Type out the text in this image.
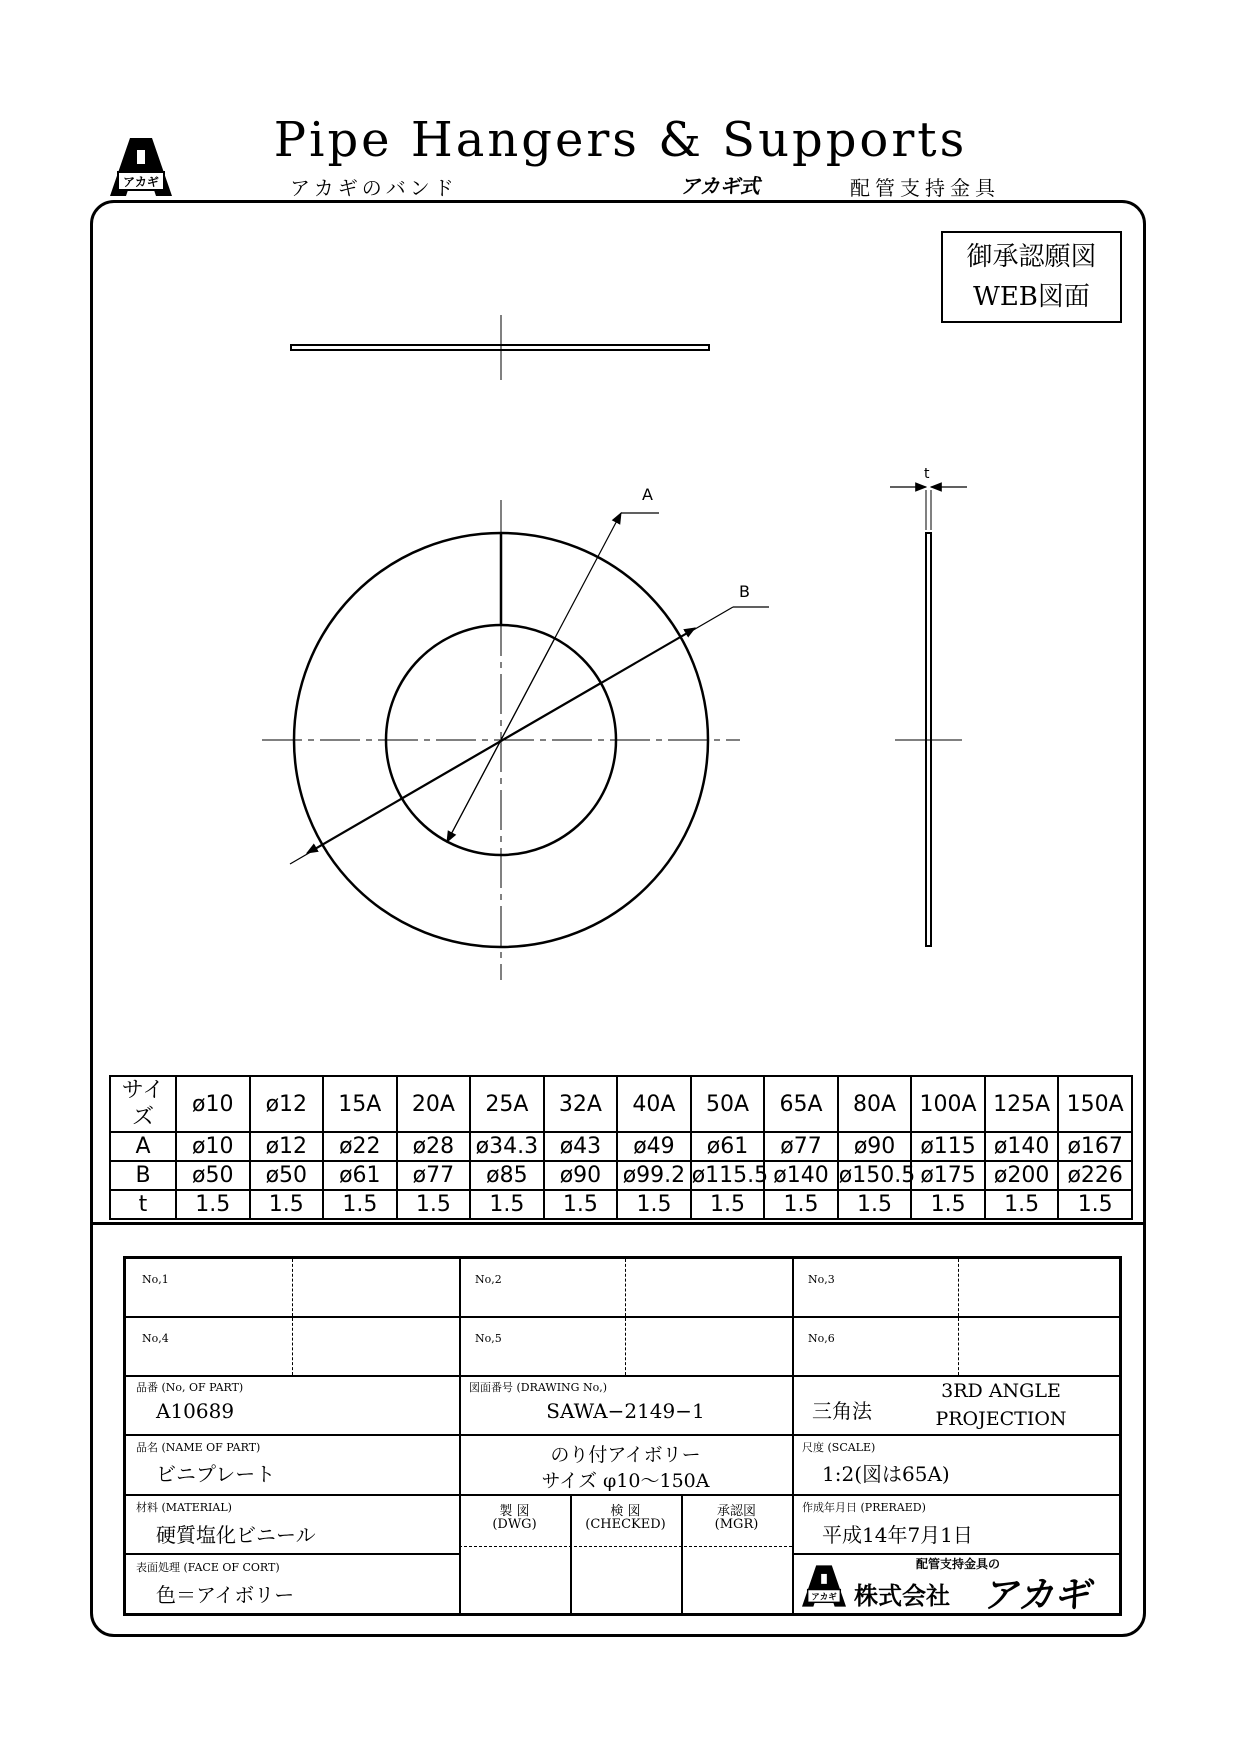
アカギ
Pipe Hangers & Supports
アカギのバンド	アカギ式	配管支持金具
御承認願図
WEB図面
A
B
t
サイズ	ø10	ø12	15A	20A	25A	32A	40A	50A	65A	80A	100A	125A	150A
A	ø10	ø12	ø22	ø28	ø34.3	ø43	ø49	ø61	ø77	ø90	ø115	ø140	ø167
B	ø50	ø50	ø61	ø77	ø85	ø90	ø99.2	ø115.5	ø140	ø150.5	ø175	ø200	ø226
t	1.5	1.5	1.5	1.5	1.5	1.5	1.5	1.5	1.5	1.5	1.5	1.5	1.5
No,1	No,2	No,3
No,4	No,5	No,6
品番 (No, OF PART)
A10689
図面番号 (DRAWING No,)
SAWA−2149−1	三角法
3RD ANGLE
PROJECTION
品名 (NAME OF PART)
ビニプレート
のり付アイボリー
サイズ φ10〜150A
尺度 (SCALE)
1:2(図は65A)
材料 (MATERIAL)
硬質塩化ビニール
製 図
(DWG)
検 図
(CHECKED)
承認図
(MGR)
作成年月日 (PRERAED)
平成14年7月1日
表面処理 (FACE OF CORT)
色＝アイボリー	アカギ
配管支持金具の
株式会社 アカギ
